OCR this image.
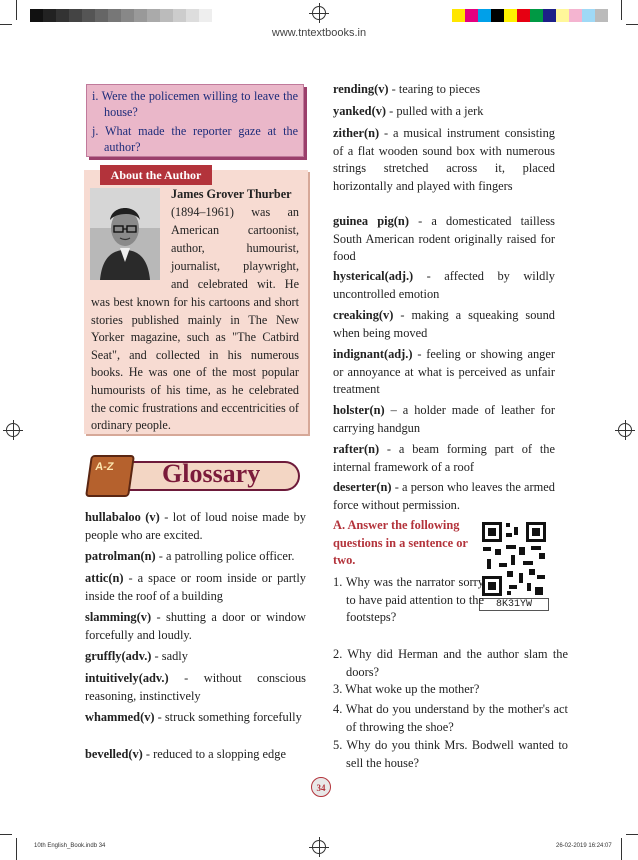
www.tntextbooks.in

i. Were the policemen willing to leave the house?

j. What made the reporter gaze at the author?

About the Author
James Grover Thurber
(1894–1961) was an
American cartoonist,
author, humourist,
journalist, playwright,
and celebrated wit. He
was best known for his cartoons and short stories published mainly in The New Yorker magazine, such as "The Catbird Seat", and collected in his numerous books. He was one of the most popular humourists of his time, as he celebrated the comic frustrations and eccentricities of ordinary people.
A-Z Glossary
hullabaloo (v) - lot of loud noise made by people who are excited.
patrolman(n) - a patrolling police officer.
attic(n) - a space or room inside or partly inside the roof of a building
slamming(v) - shutting a door or window forcefully and loudly.
gruffly(adv.) - sadly
intuitively(adv.) - without conscious reasoning, instinctively
whammed(v) - struck something forcefully
bevelled(v) - reduced to a slopping edge
rending(v) - tearing to pieces
yanked(v) - pulled with a jerk
zither(n) - a musical instrument consisting of a flat wooden sound box with numerous strings stretched across it, placed horizontally and played with fingers
guinea pig(n) - a domesticated tailless South American rodent originally raised for food
hysterical(adj.) - affected by wildly uncontrolled emotion
creaking(v) - making a squeaking sound when being moved
indignant(adj.) - feeling or showing anger or annoyance at what is perceived as unfair treatment
holster(n) – a holder made of leather for carrying handgun
rafter(n) - a beam forming part of the internal framework of a roof
deserter(n) - a person who leaves the armed force without permission.
A. Answer the following questions in a sentence or two.
8K31YW
1. Why was the narrator sorry to have paid attention to the footsteps?
2. Why did Herman and the author slam the doors?
3. What woke up the mother?
4. What do you understand by the mother's act of throwing the shoe?
5. Why do you think Mrs. Bodwell wanted to sell the house?
34
10th English_Book.indb 34	26-02-2019 16:24:07
